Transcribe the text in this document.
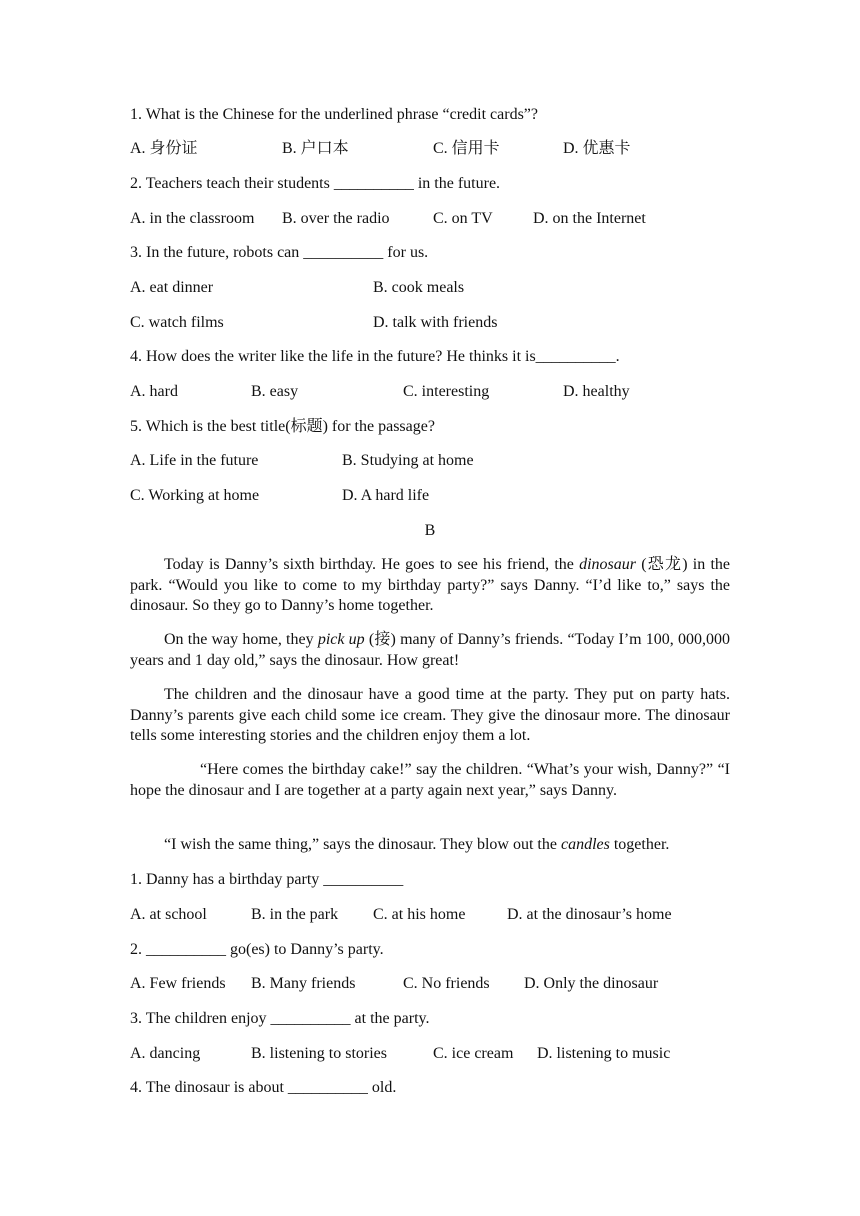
1. What is the Chinese for the underlined phrase “credit cards”?
A. 身份证	B. 户口本	C. 信用卡	D. 优惠卡
2. Teachers teach their students __________ in the future.
A. in the classroom B. over the radio	C. on TV	D. on the Internet
3. In the future, robots can __________ for us.
A. eat dinner	B. cook meals
C. watch films	D. talk with friends
4. How does the writer like the life in the future? He thinks it is__________.
A. hard	B. easy	C. interesting	D. healthy
5. Which is the best title(标题) for the passage?
A. Life in the future	B. Studying at home
C. Working at home	D. A hard life
B
Today is Danny’s sixth birthday. He goes to see his friend, the dinosaur (恐龙) in the park. “Would you like to come to my birthday party?” says Danny. “I’d like to,” says the dinosaur. So they go to Danny’s home together.
On the way home, they pick up (接) many of Danny’s friends. “Today I’m 100, 000,000 years and 1 day old,” says the dinosaur. How great!
The children and the dinosaur have a good time at the party. They put on party hats. Danny’s parents give each child some ice cream. They give the dinosaur more. The dinosaur tells some interesting stories and the children enjoy them a lot.
“Here comes the birthday cake!” say the children. “What’s your wish, Danny?” “I hope the dinosaur and I are together at a party again next year,” says Danny.
“I wish the same thing,” says the dinosaur. They blow out the candles together.
1. Danny has a birthday party __________
A. at school	B. in the park C. at his home	D. at the dinosaur’s home
2. __________ go(es) to Danny’s party.
A. Few friends B. Many friends	C. No friends D. Only the dinosaur
3. The children enjoy __________ at the party.
A. dancing	B. listening to stories	C. ice cream D. listening to music
4. The dinosaur is about __________ old.
